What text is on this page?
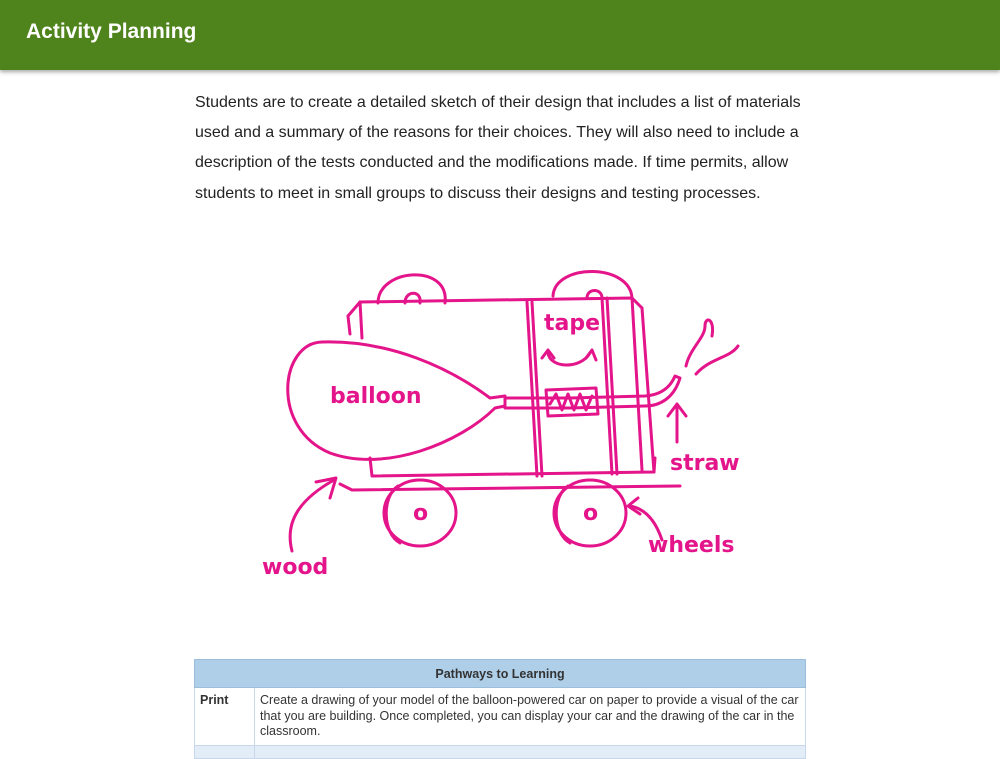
Activity Planning

Students are to create a detailed sketch of their design that includes a list of materials used and a summary of the reasons for their choices. They will also need to include a description of the tests conducted and the modifications made. If time permits, allow students to meet in small groups to discuss their designs and testing processes.

balloon
tape
straw
wheels
wood
o	o
Pathways to Learning	
Print	Create a drawing of your model of the balloon-powered car on paper to provide a visual of the car that you are building. Once completed, you can display your car and the drawing of the car in the classroom.
